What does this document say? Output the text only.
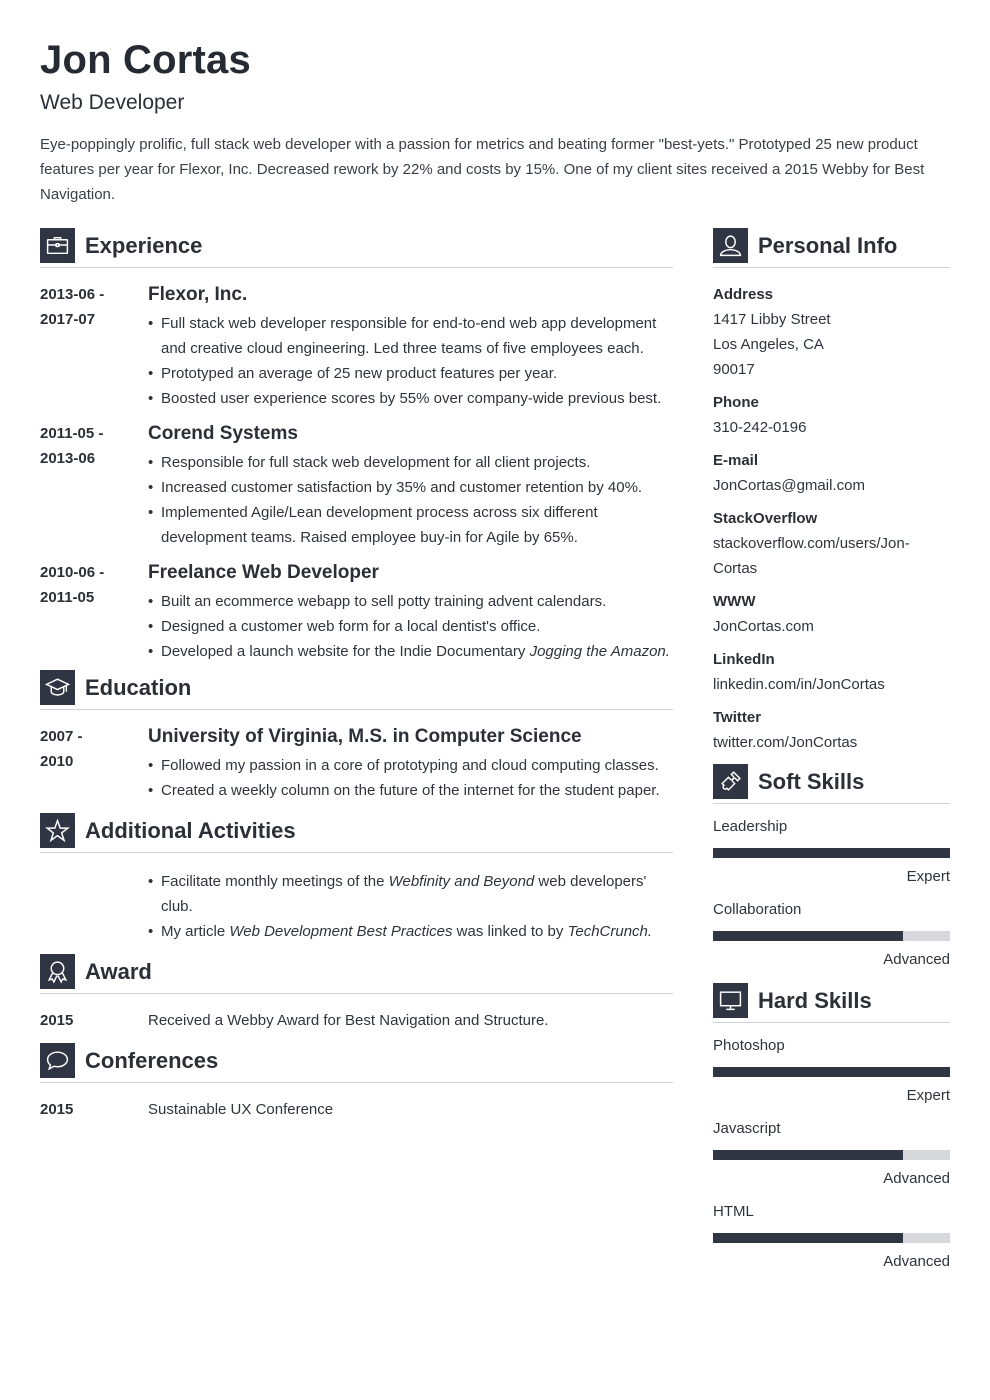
Jon Cortas
Web Developer
Eye-poppingly prolific, full stack web developer with a passion for metrics and beating former "best-yets." Prototyped 25 new product features per year for Flexor, Inc. Decreased rework by 22% and costs by 15%. One of my client sites received a 2015 Webby for Best Navigation.
Experience
2013-06 -
2017-07
Flexor, Inc.
• Full stack web developer responsible for end-to-end web app development and creative cloud engineering. Led three teams of five employees each.
• Prototyped an average of 25 new product features per year.
• Boosted user experience scores by 55% over company-wide previous best.
2011-05 -
2013-06
Corend Systems
• Responsible for full stack web development for all client projects.
• Increased customer satisfaction by 35% and customer retention by 40%.
• Implemented Agile/Lean development process across six different development teams. Raised employee buy-in for Agile by 65%.
2010-06 -
2011-05
Freelance Web Developer
• Built an ecommerce webapp to sell potty training advent calendars.
• Designed a customer web form for a local dentist's office.
• Developed a launch website for the Indie Documentary Jogging the Amazon.
Education
2007 -
2010
University of Virginia, M.S. in Computer Science
• Followed my passion in a core of prototyping and cloud computing classes.
• Created a weekly column on the future of the internet for the student paper.
Additional Activities
• Facilitate monthly meetings of the Webfinity and Beyond web developers' club.
• My article Web Development Best Practices was linked to by TechCrunch.
Award
2015	Received a Webby Award for Best Navigation and Structure.
Conferences
2015	Sustainable UX Conference
Personal Info
Address
1417 Libby Street
Los Angeles, CA
90017
Phone
310-242-0196
E-mail
JonCortas@gmail.com
StackOverflow
stackoverflow.com/users/Jon-Cortas
WWW
JonCortas.com
LinkedIn
linkedin.com/in/JonCortas
Twitter
twitter.com/JonCortas
Soft Skills
Leadership
Expert
Collaboration
Advanced
Hard Skills
Photoshop
Expert
Javascript
Advanced
HTML
Advanced
